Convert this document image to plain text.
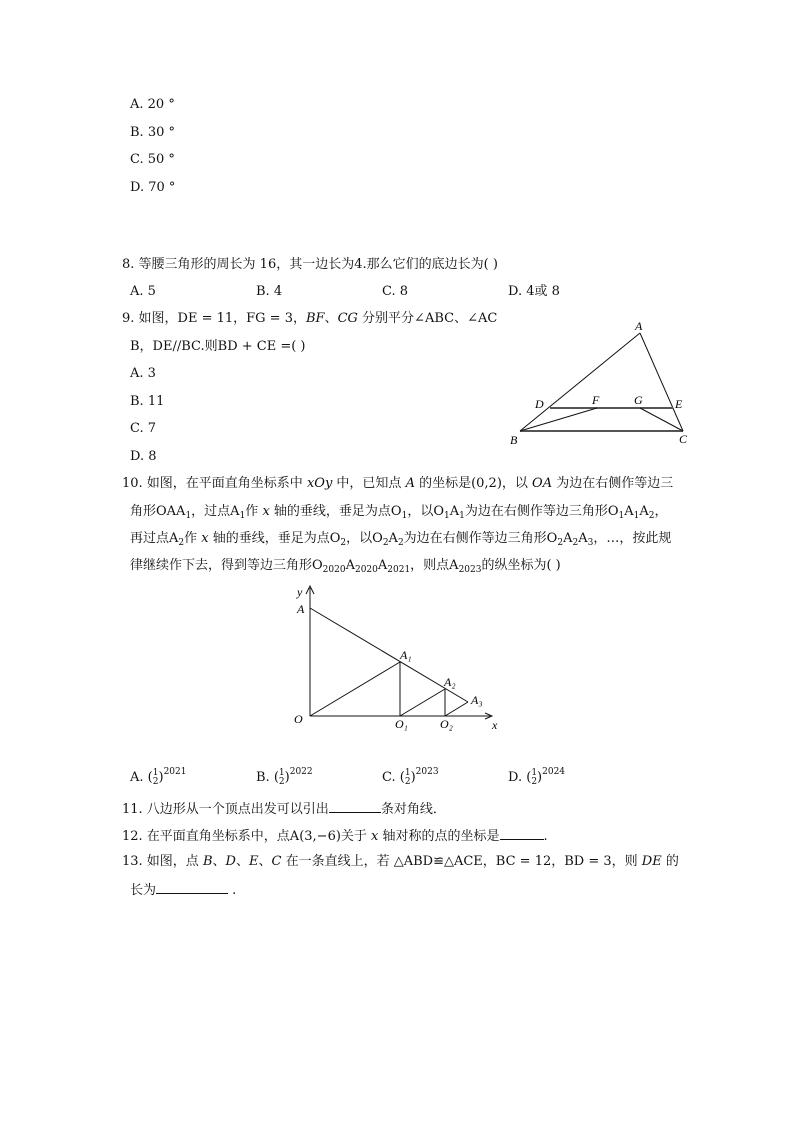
A. 20 °
B. 30 °
C. 50 °
D. 70 °
8. 等腰三角形的周长为 16，其一边长为4.那么它们的底边长为( )
A. 5	B. 4	C. 8	D. 4或 8
9. 如图，DE = 11，FG = 3，BF、CG 分别平分∠ABC、∠AC
B，DE//BC.则BD + CE =( )
A. 3
B. 11
C. 7
D. 8
A
B	C
D	E
F	G
10. 如图，在平面直角坐标系中 xOy 中，已知点 A 的坐标是(0,2)，以 OA 为边在右侧作等边三
角形$OAA_1$，过点$A_1$作 x 轴的垂线，垂足为点$O_1$，以$O_1A_1$为边在右侧作等边三角形$O_1A_1A_2$，
再过点$A_2$作 x 轴的垂线，垂足为点$O_2$，以$O_2A_2$为边在右侧作等边三角形$O_2A_2A_3$，…，按此规
律继续作下去，得到等边三角形$O_{2020}A_{2020}A_{2021}$，则点$A_{2023}$的纵坐标为( )
y
A
O
A₁
O₁
A₂
O₂
A₃
x
A. ( 1
2 )$^{2021}$	B. ( 1
2 )$^{2022}$	C. ( 1
2 )$^{2023}$	D. ( 1
2 )$^{2024}$
11. 八边形从一个顶点出发可以引出	条对角线．
12. 在平面直角坐标系中，点A(3,−6)关于 x 轴对称的点的坐标是	.
13. 如图，点 B、D、E、C 在一条直线上，若 △ABD≌△ACE，BC = 12，BD = 3，则 DE 的
长为	.
